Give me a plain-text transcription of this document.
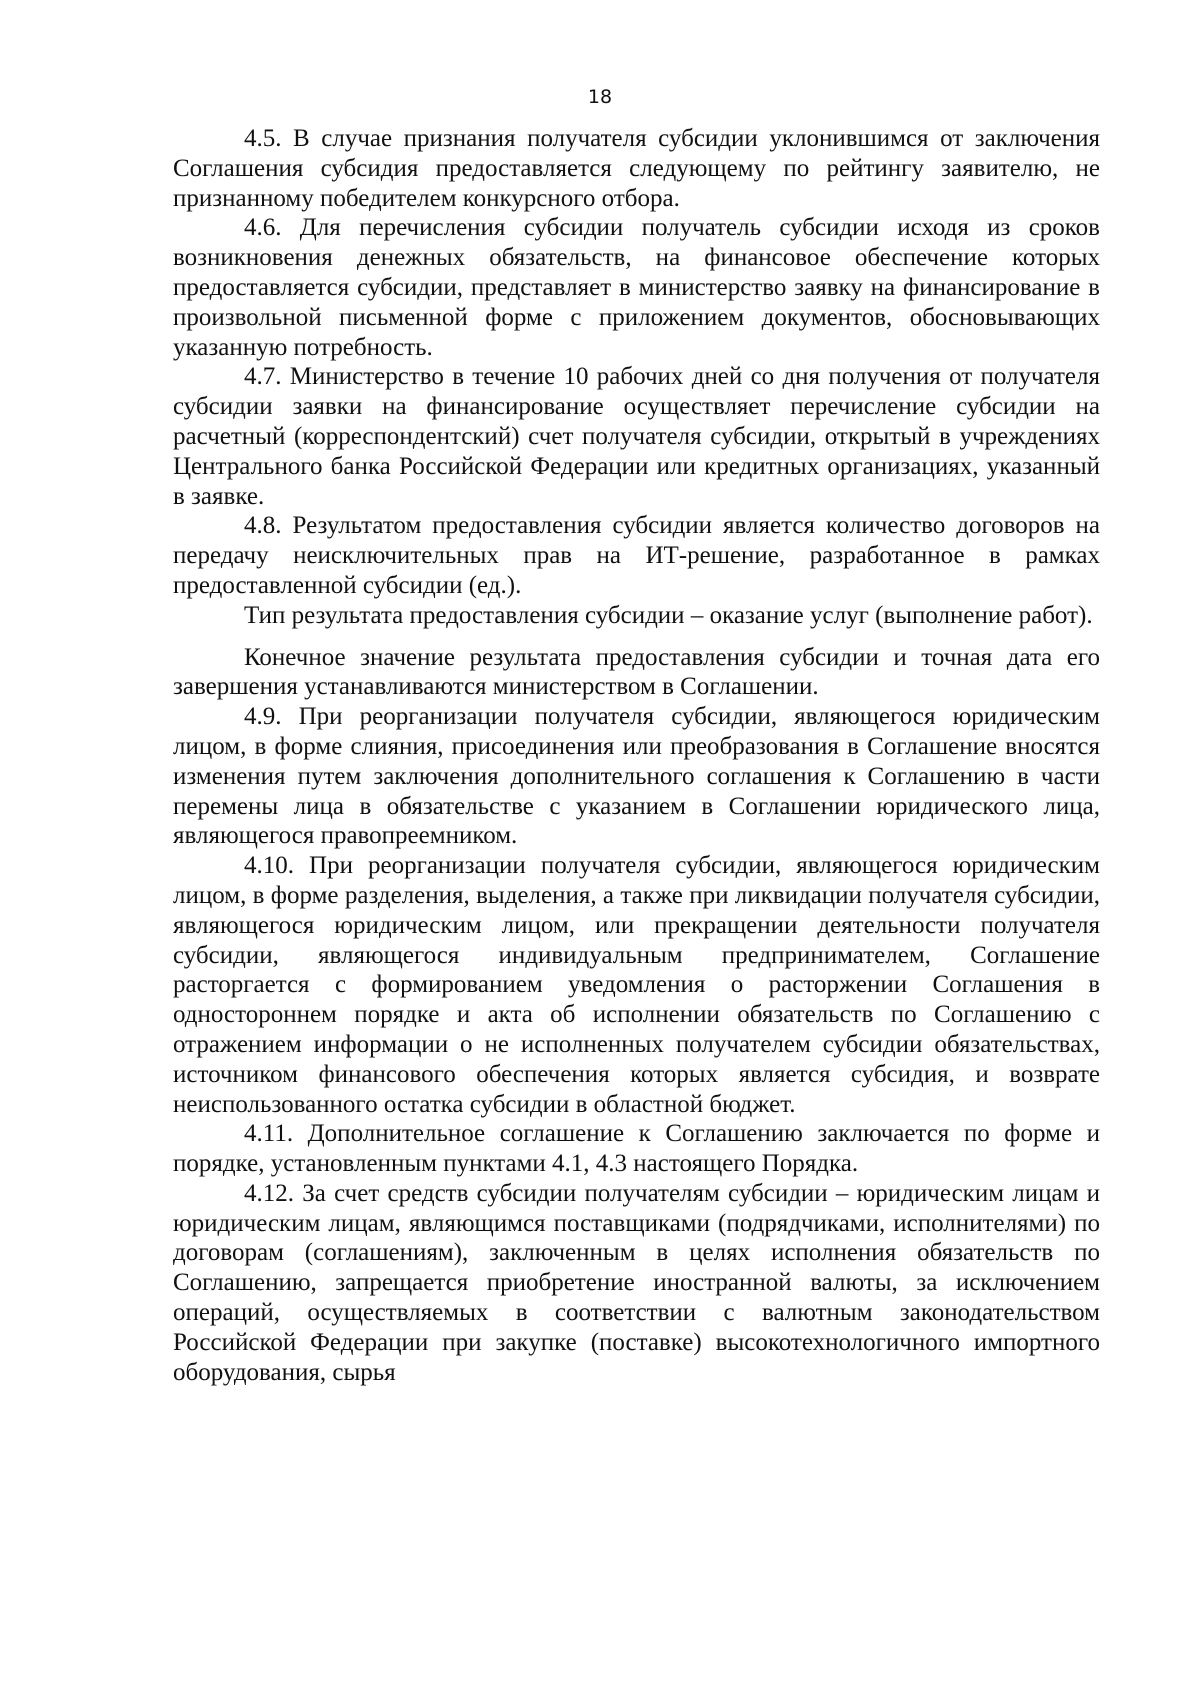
18

4.5. В случае признания получателя субсидии уклонившимся от заключения Соглашения субсидия предоставляется следующему по рейтингу заявителю, не признанному победителем конкурсного отбора.

4.6. Для перечисления субсидии получатель субсидии исходя из сроков возникновения денежных обязательств, на финансовое обеспечение которых предоставляется субсидии, представляет в министерство заявку на финансирование в произвольной письменной форме с приложением документов, обосновывающих указанную потребность.

4.7. Министерство в течение 10 рабочих дней со дня получения от получателя субсидии заявки на финансирование осуществляет перечисление субсидии на расчетный (корреспондентский) счет получателя субсидии, открытый в учреждениях Центрального банка Российской Федерации или кредитных организациях, указанный в заявке.

4.8. Результатом предоставления субсидии является количество договоров на передачу неисключительных прав на ИТ-решение, разработанное в рамках предоставленной субсидии (ед.).

Тип результата предоставления субсидии – оказание услуг (выполнение работ).

Конечное значение результата предоставления субсидии и точная дата его завершения устанавливаются министерством в Соглашении.

4.9. При реорганизации получателя субсидии, являющегося юридическим лицом, в форме слияния, присоединения или преобразования в Соглашение вносятся изменения путем заключения дополнительного соглашения к Соглашению в части перемены лица в обязательстве с указанием в Соглашении юридического лица, являющегося правопреемником.

4.10. При реорганизации получателя субсидии, являющегося юридическим лицом, в форме разделения, выделения, а также при ликвидации получателя субсидии, являющегося юридическим лицом, или прекращении деятельности получателя субсидии, являющегося индивидуальным предпринимателем, Соглашение расторгается с формированием уведомления о расторжении Соглашения в одностороннем порядке и акта об исполнении обязательств по Соглашению с отражением информации о не исполненных получателем субсидии обязательствах, источником финансового обеспечения которых является субсидия, и возврате неиспользованного остатка субсидии в областной бюджет.

4.11. Дополнительное соглашение к Соглашению заключается по форме и порядке, установленным пунктами 4.1, 4.3 настоящего Порядка.

4.12. За счет средств субсидии получателям субсидии – юридическим лицам и юридическим лицам, являющимся поставщиками (подрядчиками, исполнителями) по договорам (соглашениям), заключенным в целях исполнения обязательств по Соглашению, запрещается приобретение иностранной валюты, за исключением операций, осуществляемых в соответствии с валютным законодательством Российской Федерации при закупке (поставке) высокотехнологичного импортного оборудования, сырья
